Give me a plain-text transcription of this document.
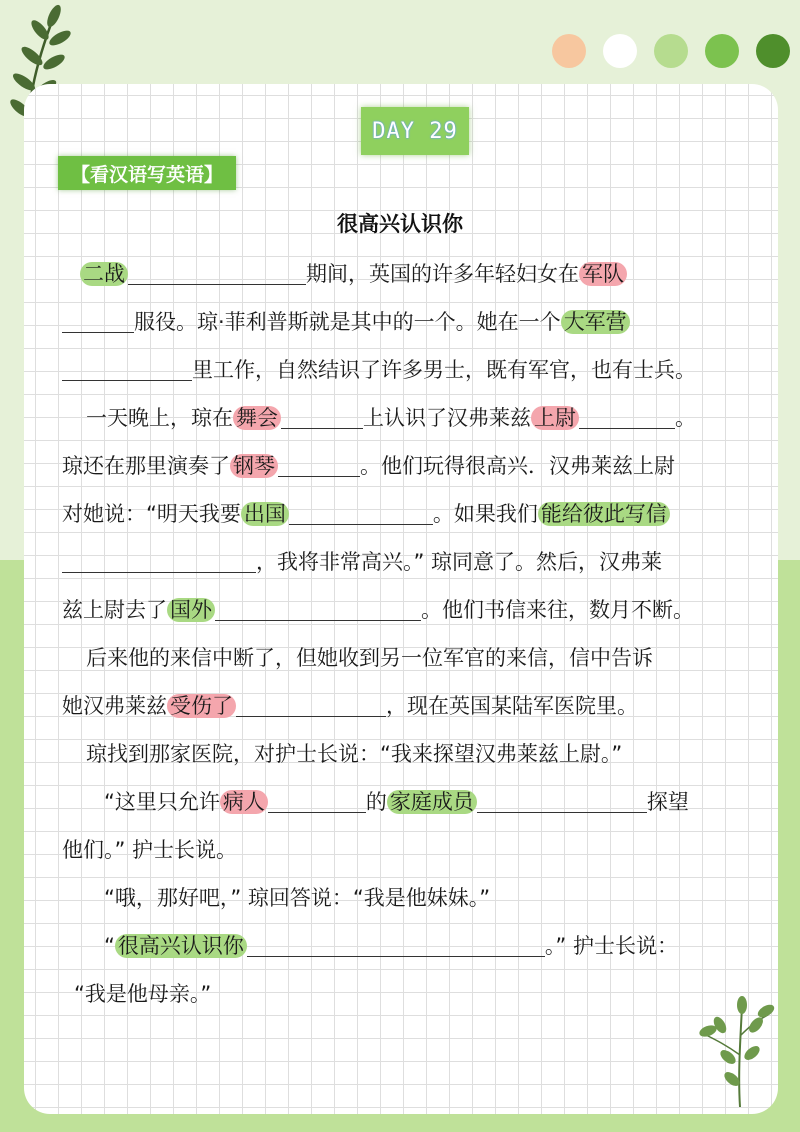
DAY 29
【看汉语写英语】
很高兴认识你
二战	期间，英国的许多年轻妇女在 军队
服役。琼·菲利普斯就是其中的一个。她在一个 大军营
里工作，自然结识了许多男士，既有军官，也有士兵。
一天晚上，琼在 舞会	上认识了汉弗莱兹 上尉	。
琼还在那里演奏了 钢琴	。他们玩得很高兴．汉弗莱兹上尉
对她说：“明天我要 出国	。如果我们 能给彼此写信
，我将非常高兴。” 琼同意了。然后，汉弗莱
兹上尉去了 国外	。他们书信来往，数月不断。
后来他的来信中断了，但她收到另一位军官的来信，信中告诉
她汉弗莱兹 受伤了	，现在英国某陆军医院里。
琼找到那家医院，对护士长说：“我来探望汉弗莱兹上尉。”
“这里只允许 病人	的 家庭成员	探望
他们。” 护士长说。
“哦，那好吧，” 琼回答说：“我是他妹妹。”
“ 很高兴认识你	。” 护士长说：
“我是他母亲。”
